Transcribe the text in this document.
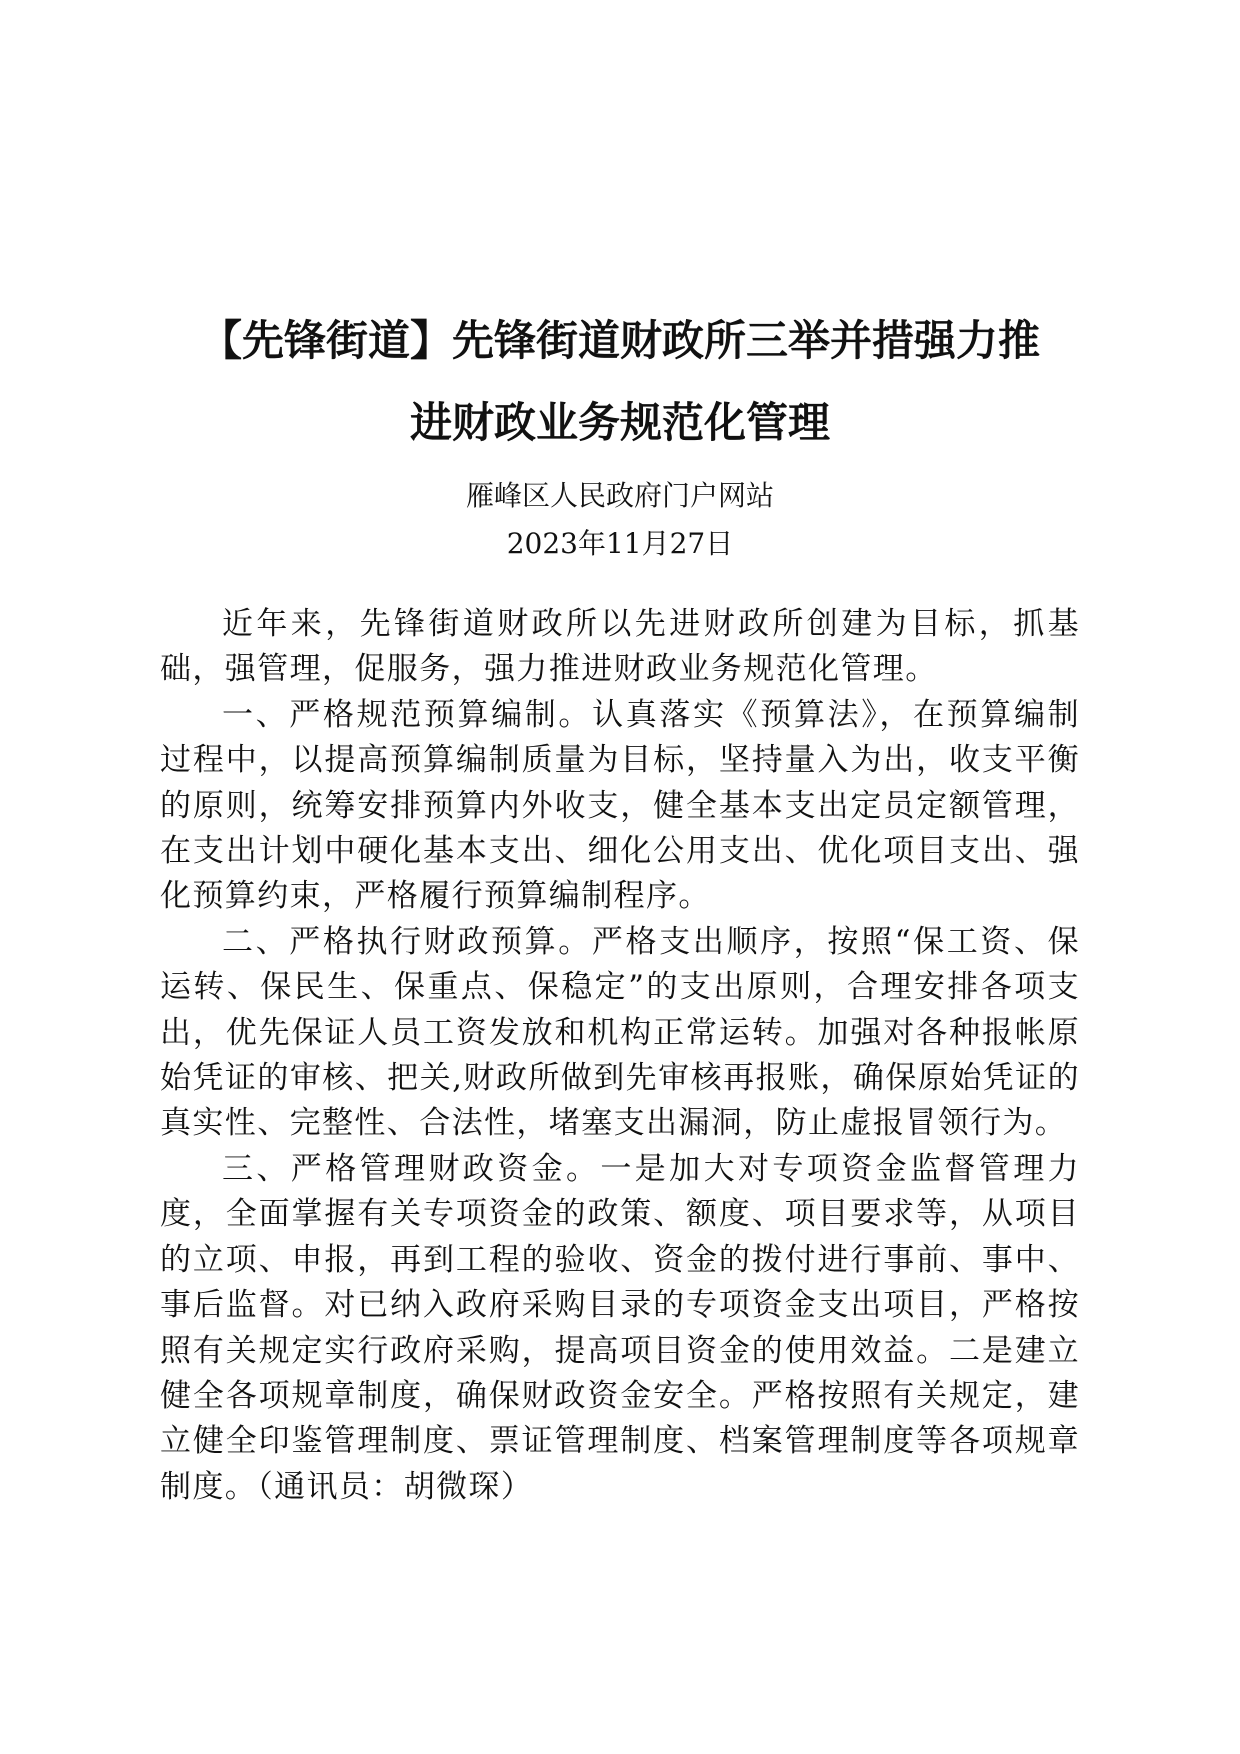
【先锋街道】先锋街道财政所三举并措强力推
进财政业务规范化管理
雁峰区人民政府门户网站
2023年11月27日

近年来，先锋街道财政所以先进财政所创建为目标，抓基础，强管理，促服务，强力推进财政业务规范化管理。

一、严格规范预算编制。认真落实《预算法》，在预算编制过程中，以提高预算编制质量为目标，坚持量入为出，收支平衡的原则，统筹安排预算内外收支，健全基本支出定员定额管理，在支出计划中硬化基本支出、细化公用支出、优化项目支出、强化预算约束，严格履行预算编制程序。

二、严格执行财政预算。严格支出顺序，按照“保工资、保运转、保民生、保重点、保稳定”的支出原则，合理安排各项支出，优先保证人员工资发放和机构正常运转。加强对各种报帐原始凭证的审核、把关,财政所做到先审核再报账，确保原始凭证的真实性、完整性、合法性，堵塞支出漏洞，防止虚报冒领行为。

三、严格管理财政资金。一是加大对专项资金监督管理力度，全面掌握有关专项资金的政策、额度、项目要求等，从项目的立项、申报，再到工程的验收、资金的拨付进行事前、事中、事后监督。对已纳入政府采购目录的专项资金支出项目，严格按照有关规定实行政府采购，提高项目资金的使用效益。二是建立健全各项规章制度，确保财政资金安全。严格按照有关规定，建立健全印鉴管理制度、票证管理制度、档案管理制度等各项规章制度。（通讯员：胡微琛）
